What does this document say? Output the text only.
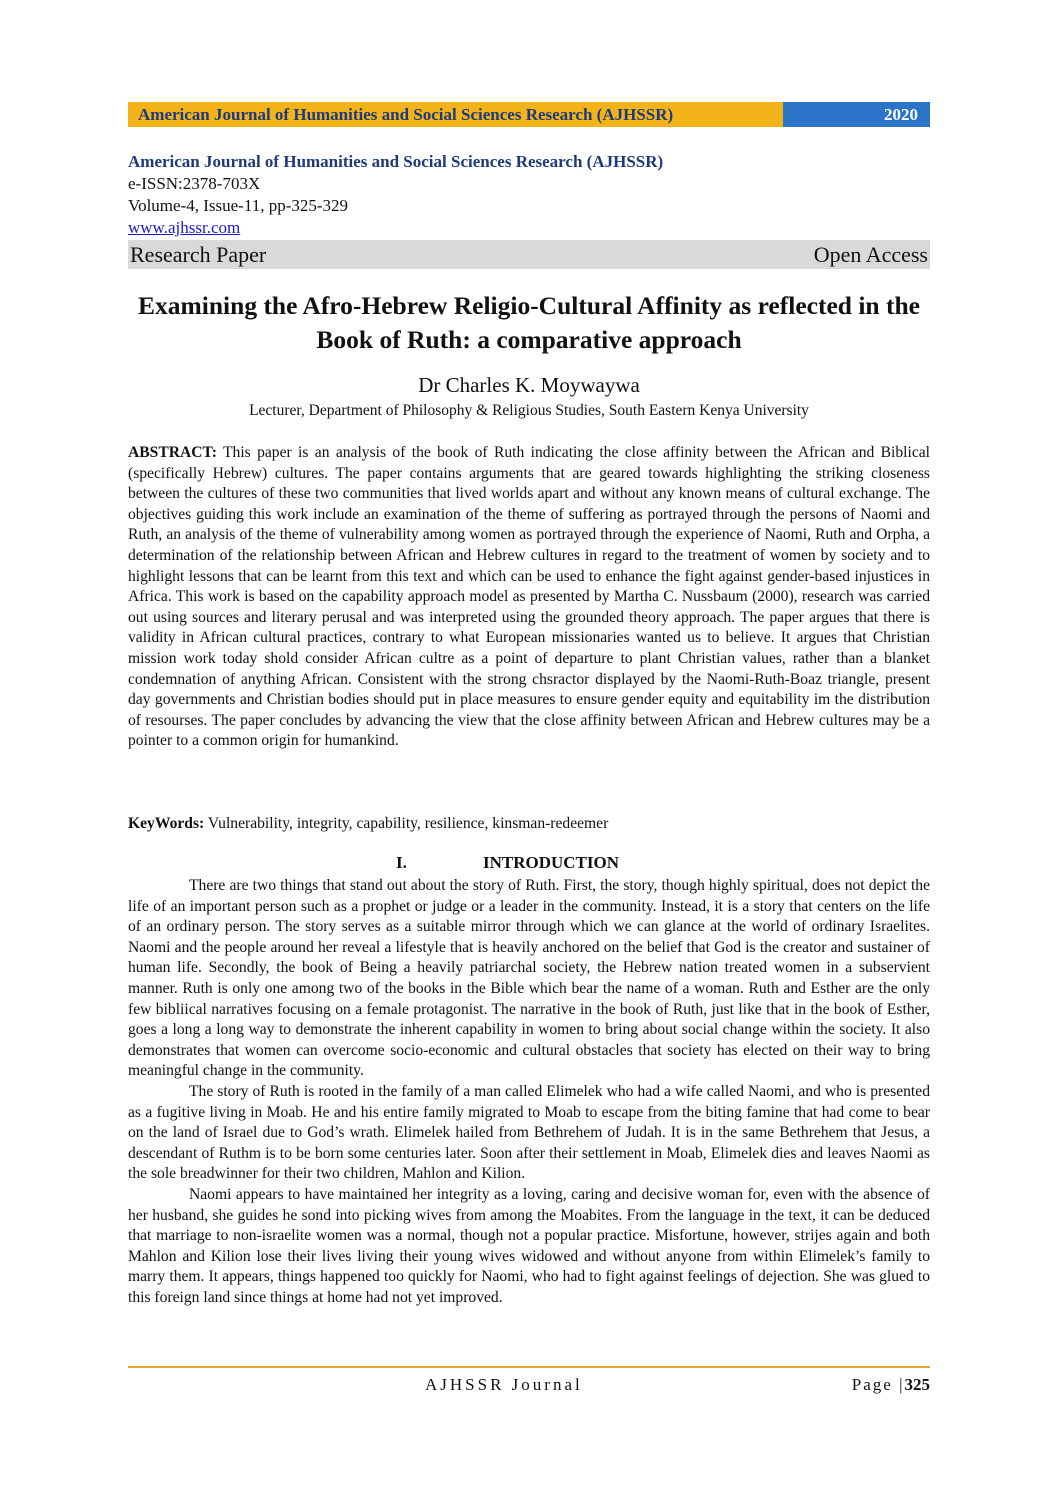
American Journal of Humanities and Social Sciences Research (AJHSSR)	2020
American Journal of Humanities and Social Sciences Research (AJHSSR)
e-ISSN:2378-703X
Volume-4, Issue-11, pp-325-329
www.ajhssr.com
Research Paper	Open Access
Examining the Afro-Hebrew Religio-Cultural Affinity as reflected in the Book of Ruth: a comparative approach
Dr Charles K. Moywaywa
Lecturer, Department of Philosophy & Religious Studies, South Eastern Kenya University

ABSTRACT: This paper is an analysis of the book of Ruth indicating the close affinity between the African and Biblical (specifically Hebrew) cultures. The paper contains arguments that are geared towards highlighting the striking closeness between the cultures of these two communities that lived worlds apart and without any known means of cultural exchange. The objectives guiding this work include an examination of the theme of suffering as portrayed through the persons of Naomi and Ruth, an analysis of the theme of vulnerability among women as portrayed through the experience of Naomi, Ruth and Orpha, a determination of the relationship between African and Hebrew cultures in regard to the treatment of women by society and to highlight lessons that can be learnt from this text and which can be used to enhance the fight against gender-based injustices in Africa. This work is based on the capability approach model as presented by Martha C. Nussbaum (2000), research was carried out using sources and literary perusal and was interpreted using the grounded theory approach. The paper argues that there is validity in African cultural practices, contrary to what European missionaries wanted us to believe. It argues that Christian mission work today shold consider African cultre as a point of departure to plant Christian values, rather than a blanket condemnation of anything African. Consistent with the strong chsractor displayed by the Naomi-Ruth-Boaz triangle, present day governments and Christian bodies should put in place measures to ensure gender equity and equitability im the distribution of resourses. The paper concludes by advancing the view that the close affinity between African and Hebrew cultures may be a pointer to a common origin for humankind.

KeyWords: Vulnerability, integrity, capability, resilience, kinsman-redeemer
I.	INTRODUCTION

There are two things that stand out about the story of Ruth. First, the story, though highly spiritual, does not depict the life of an important person such as a prophet or judge or a leader in the community. Instead, it is a story that centers on the life of an ordinary person. The story serves as a suitable mirror through which we can glance at the world of ordinary Israelites. Naomi and the people around her reveal a lifestyle that is heavily anchored on the belief that God is the creator and sustainer of human life. Secondly, the book of Being a heavily patriarchal society, the Hebrew nation treated women in a subservient manner. Ruth is only one among two of the books in the Bible which bear the name of a woman. Ruth and Esther are the only few bibliical narratives focusing on a female protagonist. The narrative in the book of Ruth, just like that in the book of Esther, goes a long a long way to demonstrate the inherent capability in women to bring about social change within the society. It also demonstrates that women can overcome socio-economic and cultural obstacles that society has elected on their way to bring meaningful change in the community.

The story of Ruth is rooted in the family of a man called Elimelek who had a wife called Naomi, and who is presented as a fugitive living in Moab. He and his entire family migrated to Moab to escape from the biting famine that had come to bear on the land of Israel due to God’s wrath. Elimelek hailed from Bethrehem of Judah. It is in the same Bethrehem that Jesus, a descendant of Ruthm is to be born some centuries later. Soon after their settlement in Moab, Elimelek dies and leaves Naomi as the sole breadwinner for their two children, Mahlon and Kilion.

Naomi appears to have maintained her integrity as a loving, caring and decisive woman for, even with the absence of her husband, she guides he sond into picking wives from among the Moabites. From the language in the text, it can be deduced that marriage to non-israelite women was a normal, though not a popular practice. Misfortune, however, strijes again and both Mahlon and Kilion lose their lives living their young wives widowed and without anyone from within Elimelek’s family to marry them. It appears, things happened too quickly for Naomi, who had to fight against feelings of dejection. She was glued to this foreign land since things at home had not yet improved.

AJHSSR Journal	Page |325
